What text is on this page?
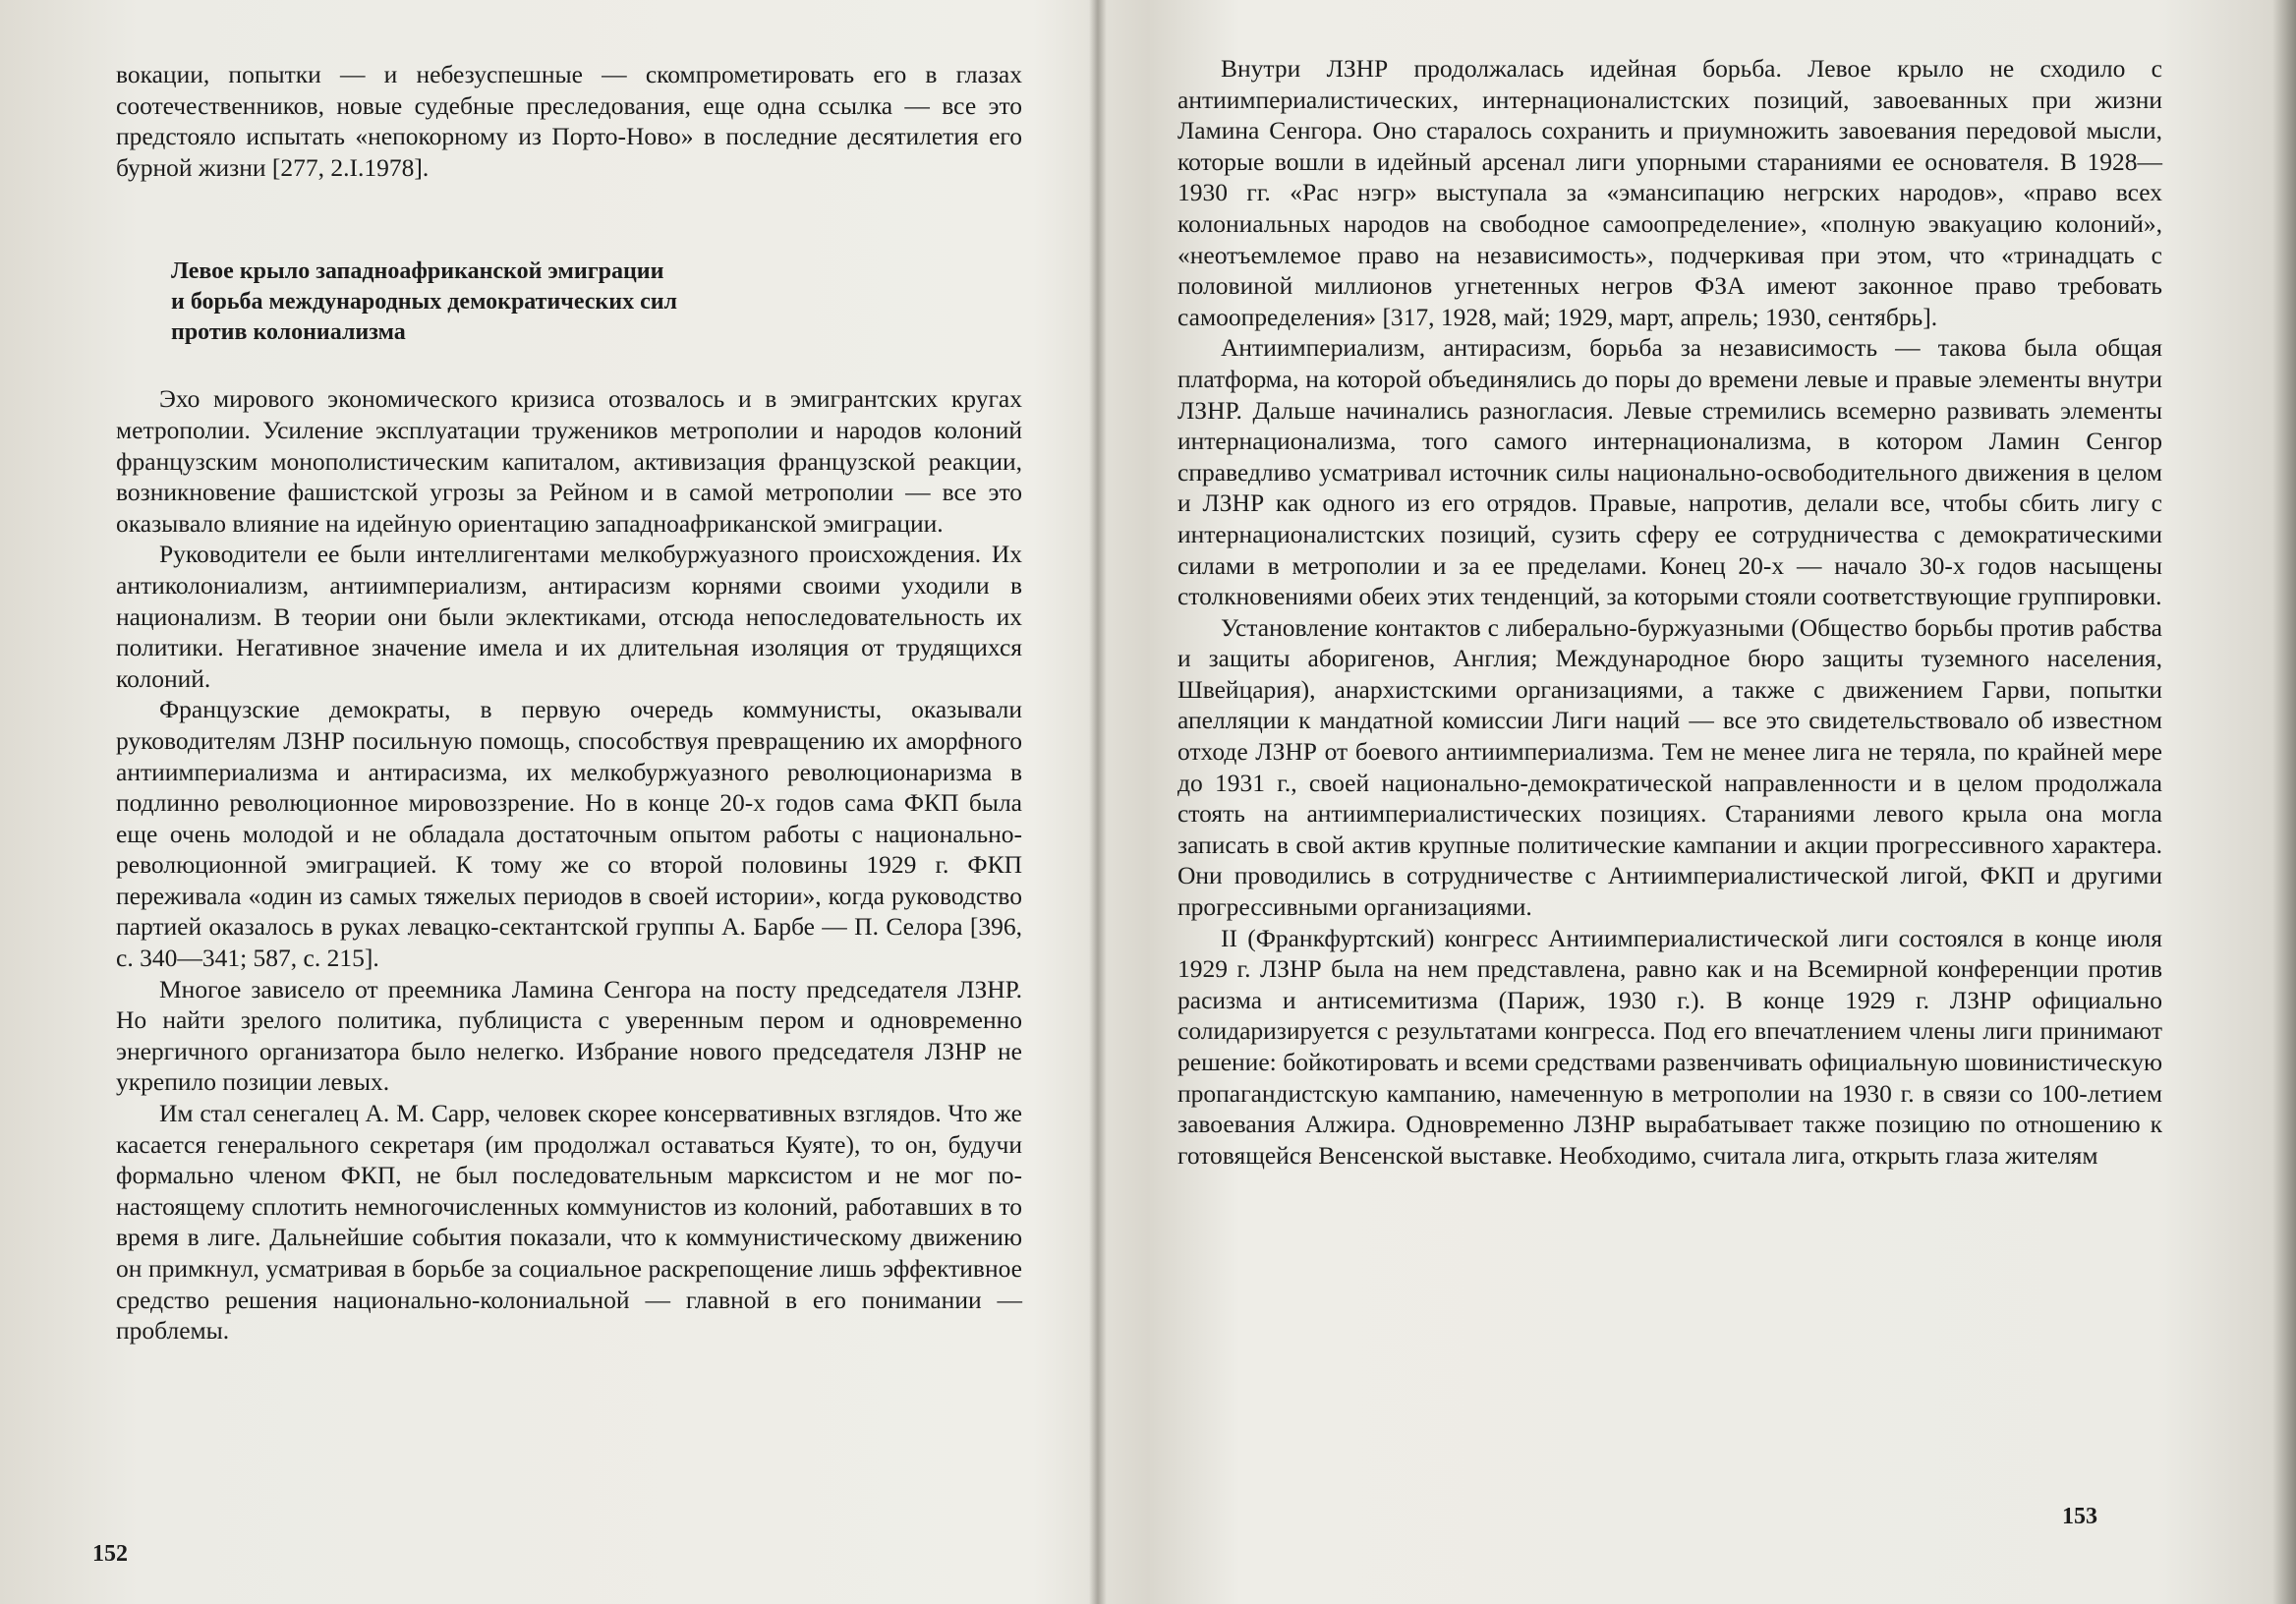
вокации, попытки — и небезуспешные — скомпрометировать его в глазах соотечественников, новые судебные преследования, еще одна ссылка — все это предстояло испытать «непокорному из Порто-Ново» в последние десятилетия его бурной жизни [277, 2.I.1978].

Левое крыло западноафриканской эмиграции
и борьба международных демократических сил
против колониализма

Эхо мирового экономического кризиса отозвалось и в эмигрантских кругах метрополии. Усиление эксплуатации тружеников метрополии и народов колоний французским монополистическим капиталом, активизация французской реакции, возникновение фашистской угрозы за Рейном и в самой метрополии — все это оказывало влияние на идейную ориентацию западноафриканской эмиграции.

Руководители ее были интеллигентами мелкобуржуазного происхождения. Их антиколониализм, антиимпериализм, антирасизм корнями своими уходили в национализм. В теории они были эклектиками, отсюда непоследовательность их политики. Негативное значение имела и их длительная изоляция от трудящихся колоний.

Французские демократы, в первую очередь коммунисты, оказывали руководителям ЛЗНР посильную помощь, способствуя превращению их аморфного антиимпериализма и антирасизма, их мелкобуржуазного революционаризма в подлинно революционное мировоззрение. Но в конце 20-х годов сама ФКП была еще очень молодой и не обладала достаточным опытом работы с национально-революционной эмиграцией. К тому же со второй половины 1929 г. ФКП переживала «один из самых тяжелых периодов в своей истории», когда руководство партией оказалось в руках левацко-сектантской группы А. Барбе — П. Селора [396, с. 340—341; 587, с. 215].

Многое зависело от преемника Ламина Сенгора на посту председателя ЛЗНР. Но найти зрелого политика, публициста с уверенным пером и одновременно энергичного организатора было нелегко. Избрание нового председателя ЛЗНР не укрепило позиции левых.

Им стал сенегалец А. М. Сарр, человек скорее консервативных взглядов. Что же касается генерального секретаря (им продолжал оставаться Куяте), то он, будучи формально членом ФКП, не был последовательным марксистом и не мог по-настоящему сплотить немногочисленных коммунистов из колоний, работавших в то время в лиге. Дальнейшие события показали, что к коммунистическому движению он примкнул, усматривая в борьбе за социальное раскрепощение лишь эффективное средство решения национально-колониальной — главной в его понимании — проблемы.

152

Внутри ЛЗНР продолжалась идейная борьба. Левое крыло не сходило с антиимпериалистических, интернационалистских позиций, завоеванных при жизни Ламина Сенгора. Оно старалось сохранить и приумножить завоевания передовой мысли, которые вошли в идейный арсенал лиги упорными стараниями ее основателя. В 1928—1930 гг. «Рас нэгр» выступала за «эмансипацию негрских народов», «право всех колониальных народов на свободное самоопределение», «полную эвакуацию колоний», «неотъемлемое право на независимость», подчеркивая при этом, что «тринадцать с половиной миллионов угнетенных негров ФЗА имеют законное право требовать самоопределения» [317, 1928, май; 1929, март, апрель; 1930, сентябрь].

Антиимпериализм, антирасизм, борьба за независимость — такова была общая платформа, на которой объединялись до поры до времени левые и правые элементы внутри ЛЗНР. Дальше начинались разногласия. Левые стремились всемерно развивать элементы интернационализма, того самого интернационализма, в котором Ламин Сенгор справедливо усматривал источник силы национально-освободительного движения в целом и ЛЗНР как одного из его отрядов. Правые, напротив, делали все, чтобы сбить лигу с интернационалистских позиций, сузить сферу ее сотрудничества с демократическими силами в метрополии и за ее пределами. Конец 20-х — начало 30-х годов насыщены столкновениями обеих этих тенденций, за которыми стояли соответствующие группировки.

Установление контактов с либерально-буржуазными (Общество борьбы против рабства и защиты аборигенов, Англия; Международное бюро защиты туземного населения, Швейцария), анархистскими организациями, а также с движением Гарви, попытки апелляции к мандатной комиссии Лиги наций — все это свидетельствовало об известном отходе ЛЗНР от боевого антиимпериализма. Тем не менее лига не теряла, по крайней мере до 1931 г., своей национально-демократической направленности и в целом продолжала стоять на антиимпериалистических позициях. Стараниями левого крыла она могла записать в свой актив крупные политические кампании и акции прогрессивного характера. Они проводились в сотрудничестве с Антиимпериалистической лигой, ФКП и другими прогрессивными организациями.

II (Франкфуртский) конгресс Антиимпериалистической лиги состоялся в конце июля 1929 г. ЛЗНР была на нем представлена, равно как и на Всемирной конференции против расизма и антисемитизма (Париж, 1930 г.). В конце 1929 г. ЛЗНР официально солидаризируется с результатами конгресса. Под его впечатлением члены лиги принимают решение: бойкотировать и всеми средствами развенчивать официальную шовинистическую пропагандистскую кампанию, намеченную в метрополии на 1930 г. в связи со 100-летием завоевания Алжира. Одновременно ЛЗНР вырабатывает также позицию по отношению к готовящейся Венсенской выставке. Необходимо, считала лига, открыть глаза жителям

153
